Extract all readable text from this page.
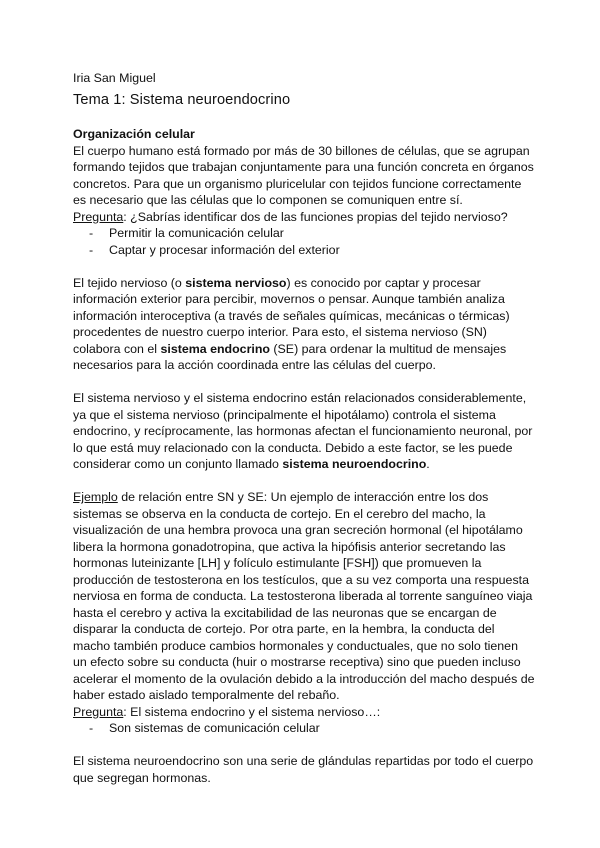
Iria San Miguel

Tema 1: Sistema neuroendocrino
Organización celular

El cuerpo humano está formado por más de 30 billones de células, que se agrupan formando tejidos que trabajan conjuntamente para una función concreta en órganos concretos. Para que un organismo pluricelular con tejidos funcione correctamente es necesario que las células que lo componen se comuniquen entre sí.

Pregunta: ¿Sabrías identificar dos de las funciones propias del tejido nervioso?

- Permitir la comunicación celular
- Captar y procesar información del exterior

El tejido nervioso (o sistema nervioso) es conocido por captar y procesar información exterior para percibir, movernos o pensar. Aunque también analiza información interoceptiva (a través de señales químicas, mecánicas o térmicas) procedentes de nuestro cuerpo interior. Para esto, el sistema nervioso (SN) colabora con el sistema endocrino (SE) para ordenar la multitud de mensajes necesarios para la acción coordinada entre las células del cuerpo.

El sistema nervioso y el sistema endocrino están relacionados considerablemente, ya que el sistema nervioso (principalmente el hipotálamo) controla el sistema endocrino, y recíprocamente, las hormonas afectan el funcionamiento neuronal, por lo que está muy relacionado con la conducta. Debido a este factor, se les puede considerar como un conjunto llamado sistema neuroendocrino.

Ejemplo de relación entre SN y SE: Un ejemplo de interacción entre los dos sistemas se observa en la conducta de cortejo. En el cerebro del macho, la visualización de una hembra provoca una gran secreción hormonal (el hipotálamo libera la hormona gonadotropina, que activa la hipófisis anterior secretando las hormonas luteinizante [LH] y folículo estimulante [FSH]) que promueven la producción de testosterona en los testículos, que a su vez comporta una respuesta nerviosa en forma de conducta. La testosterona liberada al torrente sanguíneo viaja hasta el cerebro y activa la excitabilidad de las neuronas que se encargan de disparar la conducta de cortejo. Por otra parte, en la hembra, la conducta del macho también produce cambios hormonales y conductuales, que no solo tienen un efecto sobre su conducta (huir o mostrarse receptiva) sino que pueden incluso acelerar el momento de la ovulación debido a la introducción del macho después de haber estado aislado temporalmente del rebaño.

Pregunta: El sistema endocrino y el sistema nervioso…:

- Son sistemas de comunicación celular

El sistema neuroendocrino son una serie de glándulas repartidas por todo el cuerpo que segregan hormonas.
